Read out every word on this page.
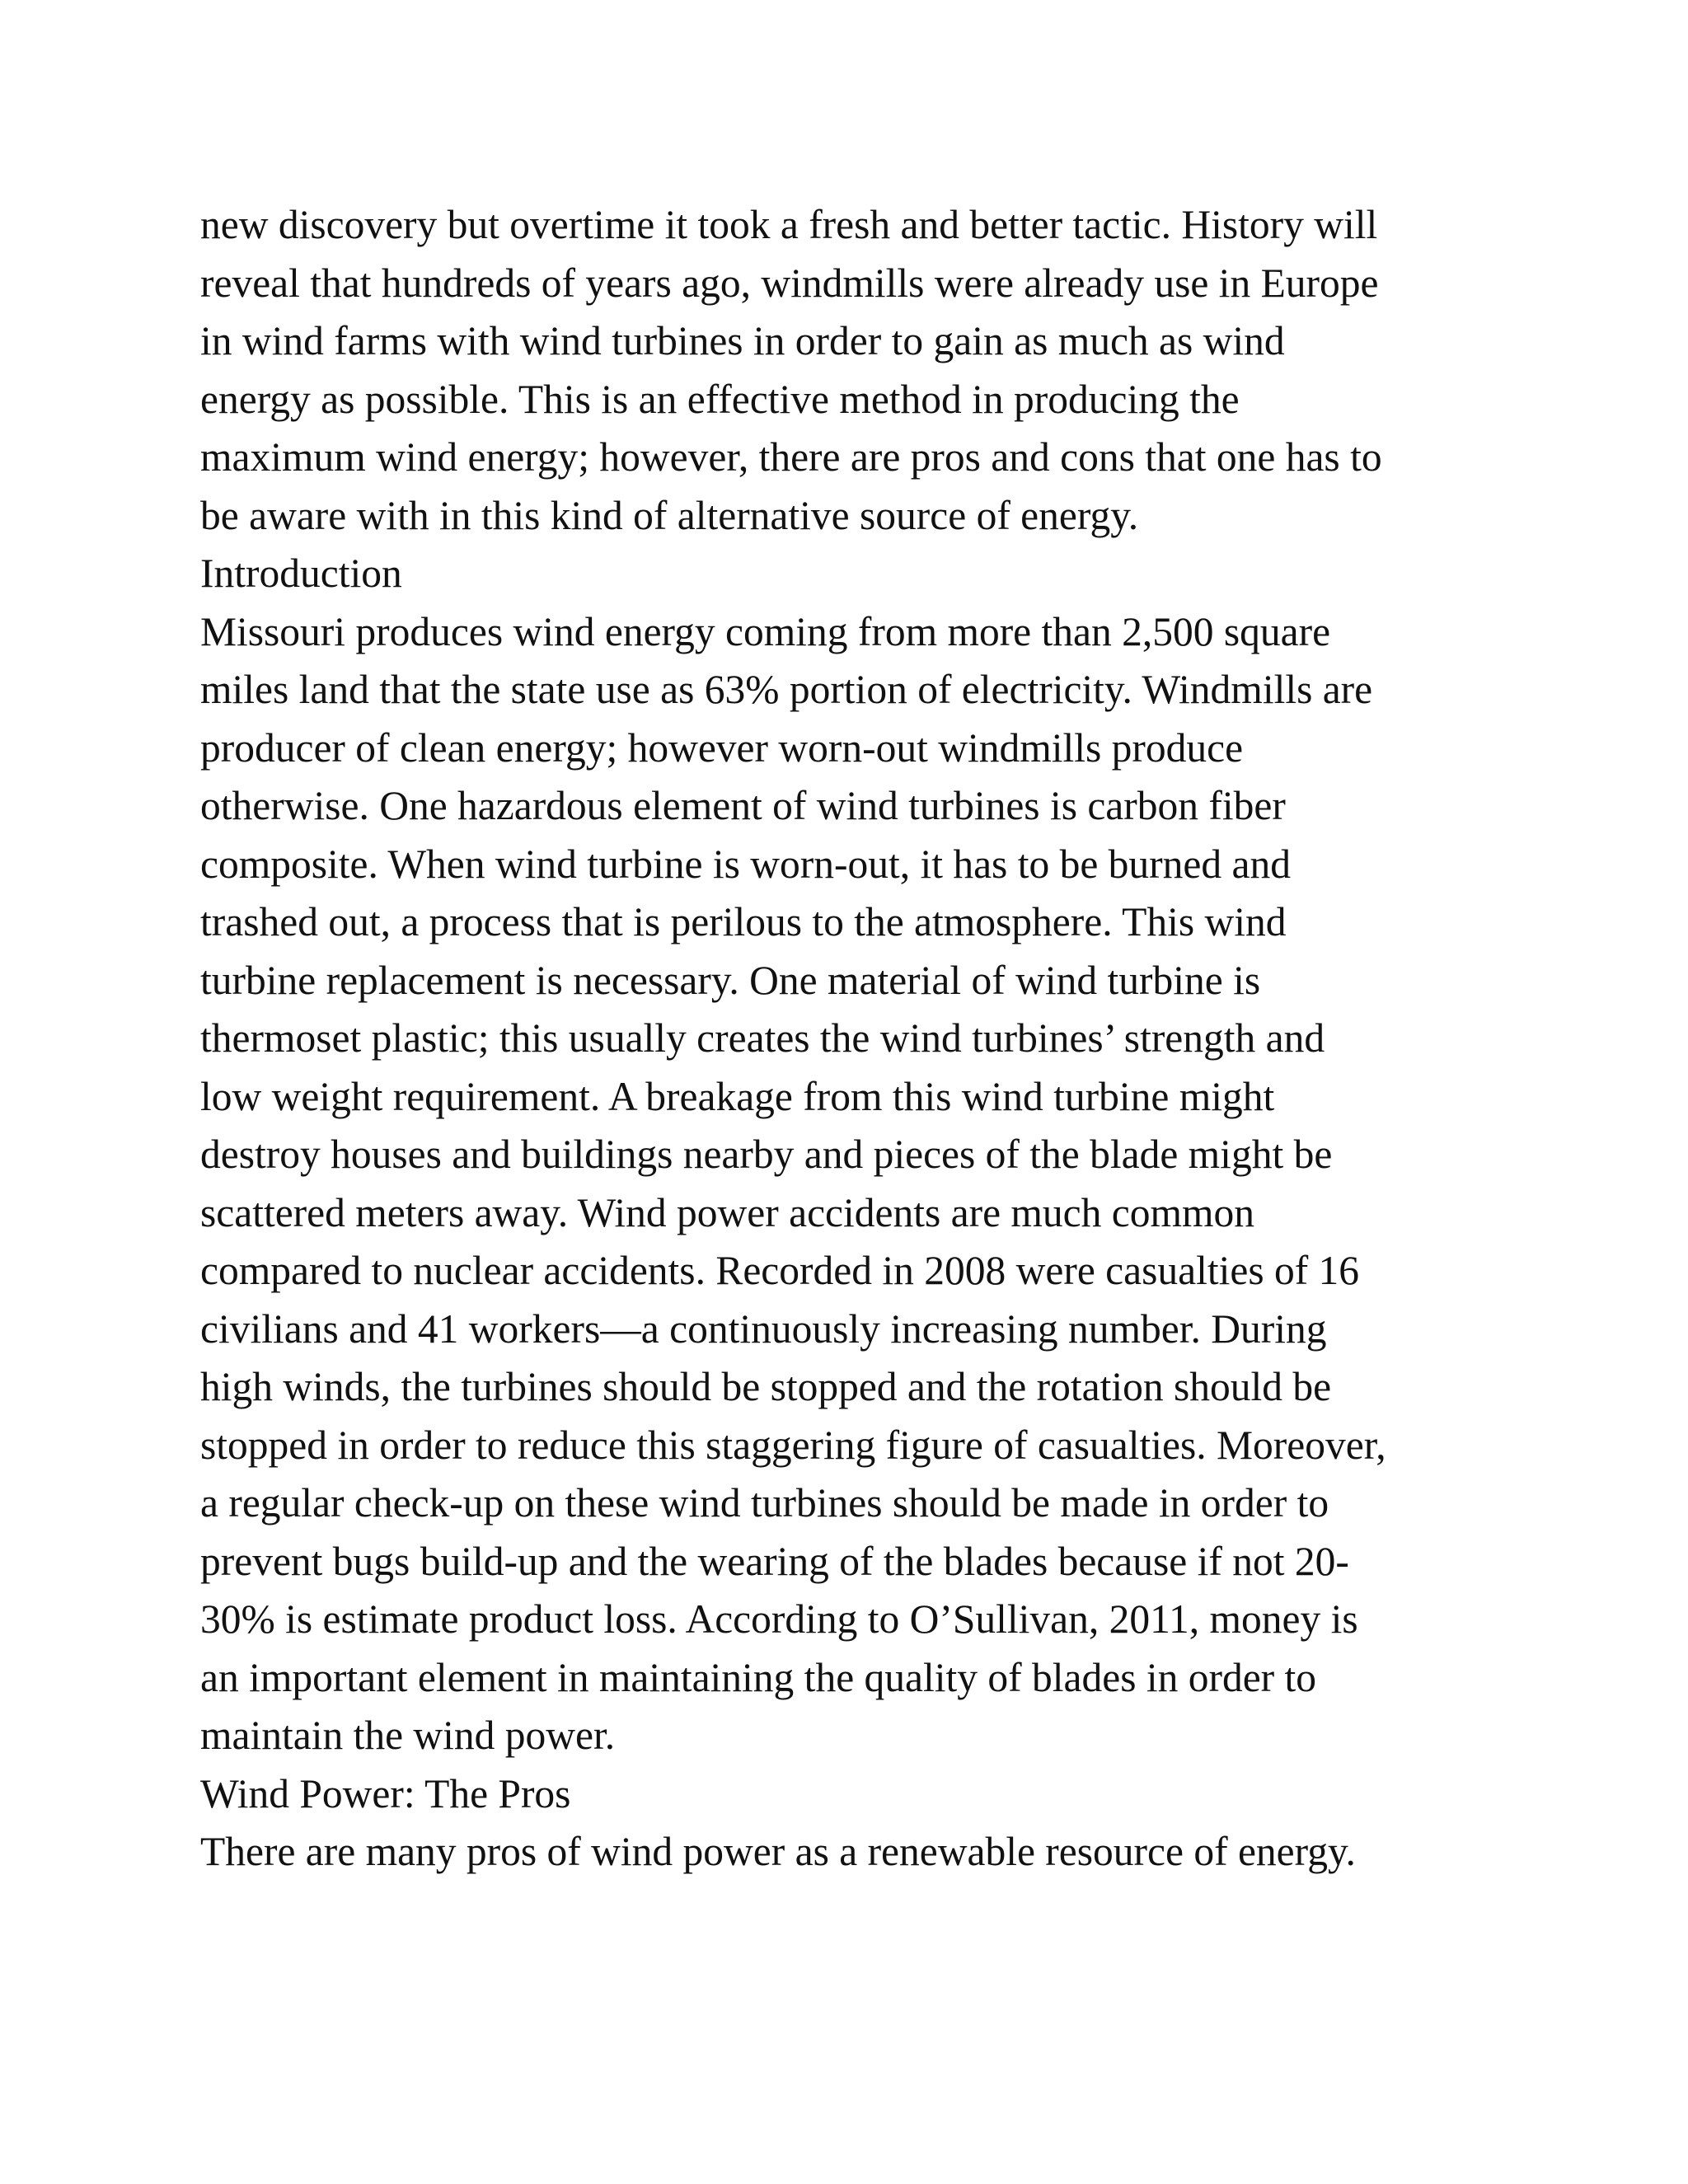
new discovery but overtime it took a fresh and better tactic. History will
reveal that hundreds of years ago, windmills were already use in Europe
in wind farms with wind turbines in order to gain as much as wind
energy as possible. This is an effective method in producing the
maximum wind energy; however, there are pros and cons that one has to
be aware with in this kind of alternative source of energy.
Introduction
Missouri produces wind energy coming from more than 2,500 square
miles land that the state use as 63% portion of electricity. Windmills are
producer of clean energy; however worn-out windmills produce
otherwise. One hazardous element of wind turbines is carbon fiber
composite. When wind turbine is worn-out, it has to be burned and
trashed out, a process that is perilous to the atmosphere. This wind
turbine replacement is necessary. One material of wind turbine is
thermoset plastic; this usually creates the wind turbines’ strength and
low weight requirement. A breakage from this wind turbine might
destroy houses and buildings nearby and pieces of the blade might be
scattered meters away. Wind power accidents are much common
compared to nuclear accidents. Recorded in 2008 were casualties of 16
civilians and 41 workers—a continuously increasing number. During
high winds, the turbines should be stopped and the rotation should be
stopped in order to reduce this staggering figure of casualties. Moreover,
a regular check-up on these wind turbines should be made in order to
prevent bugs build-up and the wearing of the blades because if not 20-
30% is estimate product loss. According to O’Sullivan, 2011, money is
an important element in maintaining the quality of blades in order to
maintain the wind power.
Wind Power: The Pros
There are many pros of wind power as a renewable resource of energy.
